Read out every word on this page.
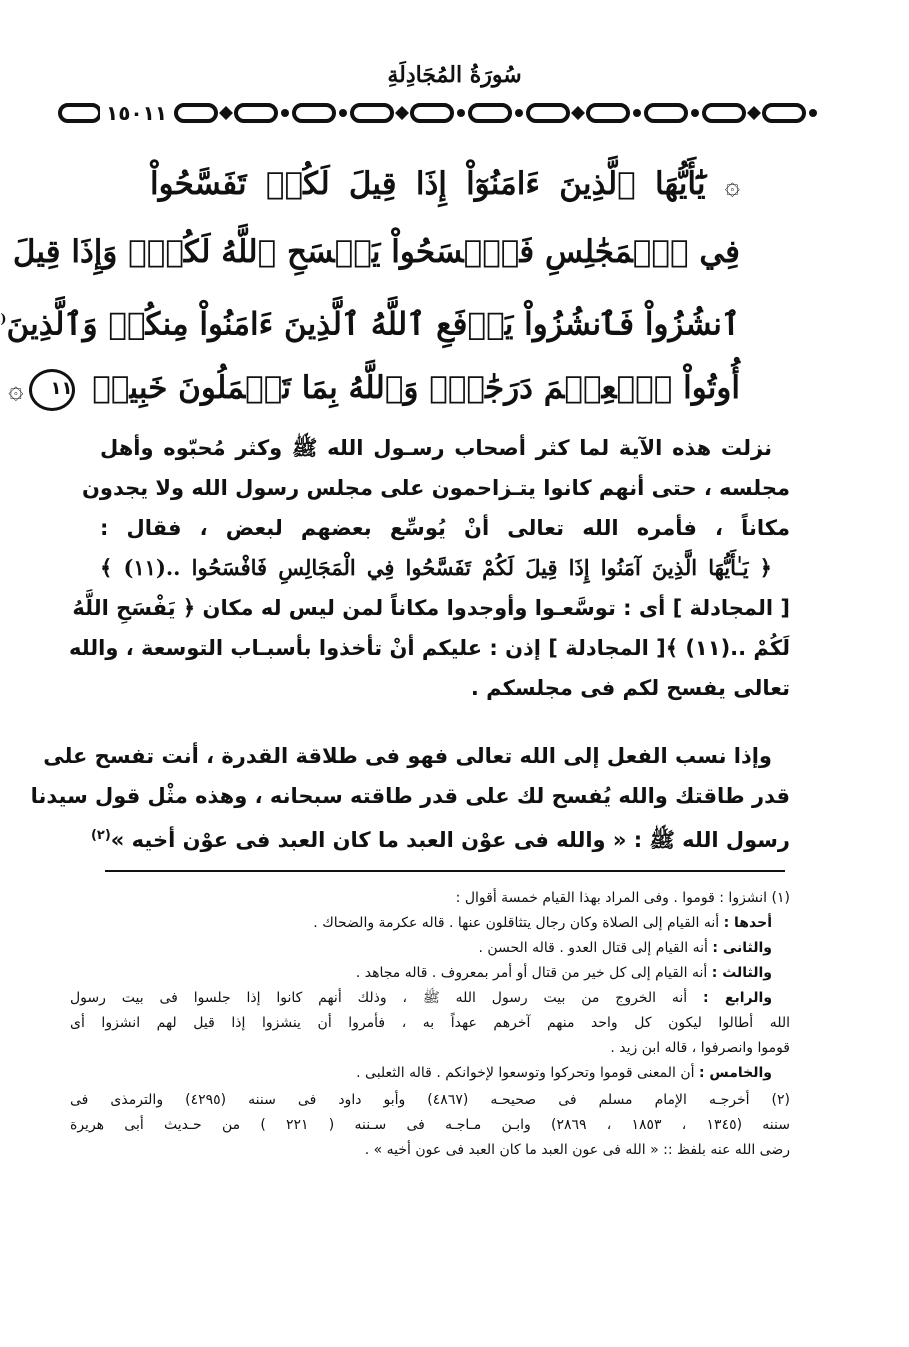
سُورَةُ المُجَادِلَةِ
١٥٠١١
۞ يَٰٓأَيُّهَا ٱلَّذِينَ ءَامَنُوٓاْ إِذَا قِيلَ لَكُمۡ تَفَسَّحُواْ
فِي ٱلۡمَجَٰلِسِ فَٱفۡسَحُواْ يَفۡسَحِ ٱللَّهُ لَكُمۡۖ وَإِذَا قِيلَ
ٱنشُزُواْ فَٱنشُزُواْ يَرۡفَعِ ٱللَّهُ ٱلَّذِينَ ءَامَنُواْ مِنكُمۡ وَٱلَّذِينَ(
أُوتُواْ ٱلۡعِلۡمَ دَرَجَٰتٖۚ وَٱللَّهُ بِمَا تَعۡمَلُونَ خَبِيرٞ ١١۞
نزلت هذه الآية لما كثر أصحاب رسـول الله ﷺ وكثر مُحبّوه وأهل
مجلسه ، حتى أنهم كانوا يتـزاحمون على مجلس رسول الله ولا يجدون
مكاناً ، فأمره الله تعالى أنْ يُوسِّع بعضهم لبعض ، فقال :
﴿ يَـٰأَيُّهَا الَّذِينَ آمَنُوا إِذَا قِيلَ لَكُمْ تَفَسَّحُوا فِي الْمَجَالِسِ فَافْسَحُوا ..(١١) ﴾
[ المجادلة ] أى : توسَّعـوا وأوجدوا مكاناً لمن ليس له مكان ﴿ يَفْسَحِ اللَّهُ
لَكُمْ ..(١١) ﴾[ المجادلة ] إذن : عليكم أنْ تأخذوا بأسبـاب التوسعة ، والله
تعالى يفسح لكم فى مجلسكم .
وإذا نسب الفعل إلى الله تعالى فهو فى طلاقة القدرة ، أنت تفسح على
قدر طاقتك والله يُفسح لك على قدر طاقته سبحانه ، وهذه مثْل قول سيدنا
رسول الله ﷺ : « والله فى عوْن العبد ما كان العبد فى عوْن أخيه »$^{(٢)}$
(١) انشزوا : قوموا . وفى المراد بهذا القيام خمسة أقوال :
أحدها : أنه القيام إلى الصلاة وكان رجال يتثاقلون عنها . قاله عكرمة والضحاك .
والثانى : أنه القيام إلى قتال العدو . قاله الحسن .
والثالث : أنه القيام إلى كل خير من قتال أو أمر بمعروف . قاله مجاهد .
والرابع : أنه الخروج من بيت رسول الله ﷺ ، وذلك أنهم كانوا إذا جلسوا فى بيت رسول
الله أطالوا ليكون كل واحد منهم آخرهم عهداً به ، فأمروا أن ينشزوا إذا قيل لهم انشزوا أى
قوموا وانصرفوا ، قاله ابن زيد .
والخامس : أن المعنى قوموا وتحركوا وتوسعوا لإخوانكم . قاله الثعلبى .
(٢) أخرجـه الإمام مسلم فى صحيحـه (٤٨٦٧) وأبو داود فى سننه (٤٢٩٥) والترمذى فى
سننه (١٣٤٥ ، ١٨٥٣ ، ٢٨٦٩) وابـن مـاجـه فى سـننه ( ٢٢١ ) من حـديث أبى هريرة
رضى الله عنه بلفظ :: « الله فى عون العبد ما كان العبد فى عون أخيه » .
